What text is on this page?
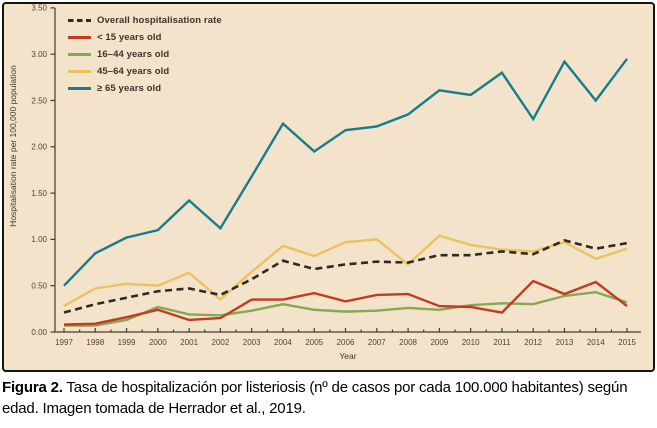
0.00
0.50
1.00
1.50
2.00
2.50
3.00
3.50
1997 1998 1999 2000 2001 2002 2003 2004 2005 2006 2007 2008 2009 2010 2011 2012 2013 2014 2015
Year
Hospitalisation rate per 100,000 population
Overall hospitalisation rate
< 15 years old
16–44 years old
45–64 years old
≥ 65 years old

Figura 2. Tasa de hospitalización por listeriosis (nº de casos por cada 100.000 habitantes) según edad. Imagen tomada de Herrador et al., 2019.
